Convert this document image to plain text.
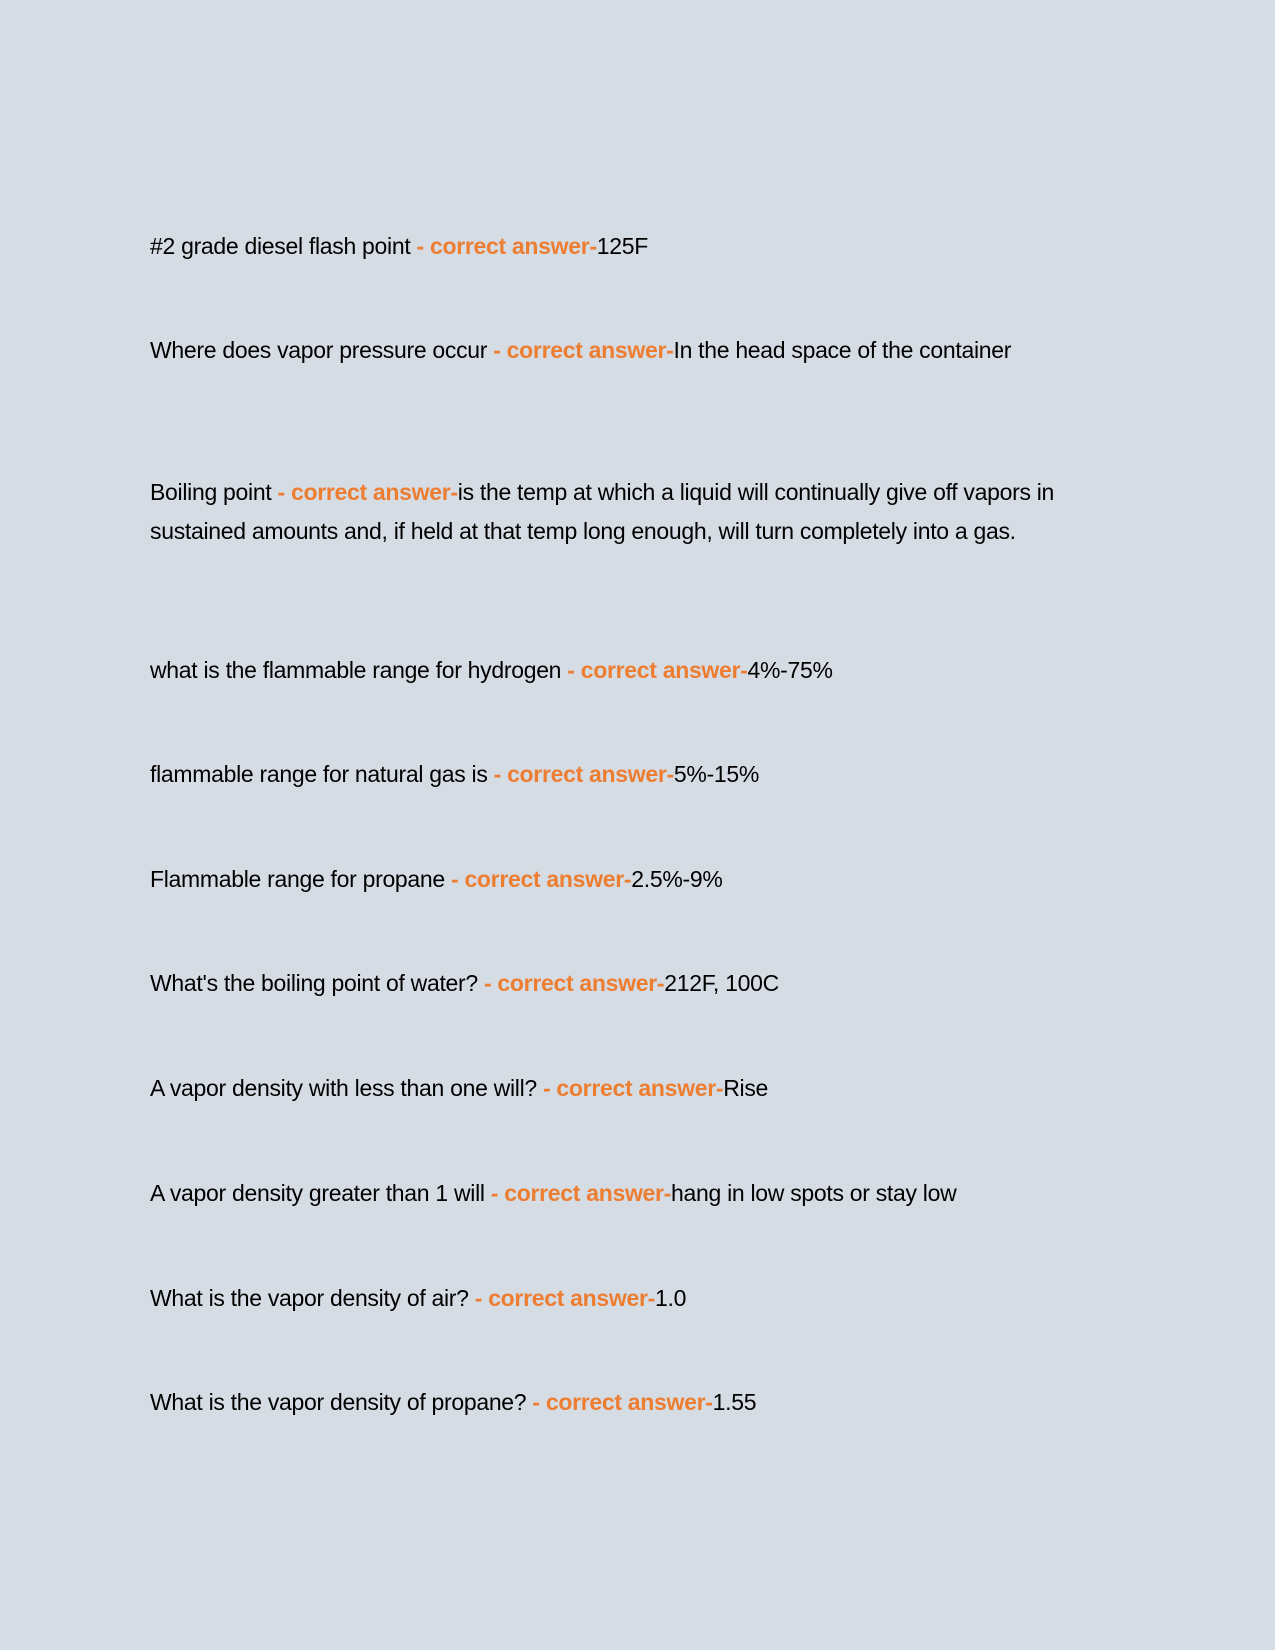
#2 grade diesel flash point - correct answer-125F

Where does vapor pressure occur - correct answer-In the head space of the container

Boiling point - correct answer-is the temp at which a liquid will continually give off vapors in sustained amounts and, if held at that temp long enough, will turn completely into a gas.

what is the flammable range for hydrogen - correct answer-4%-75%

flammable range for natural gas is - correct answer-5%-15%

Flammable range for propane - correct answer-2.5%-9%

What's the boiling point of water? - correct answer-212F, 100C

A vapor density with less than one will? - correct answer-Rise

A vapor density greater than 1 will - correct answer-hang in low spots or stay low

What is the vapor density of air? - correct answer-1.0

What is the vapor density of propane? - correct answer-1.55
